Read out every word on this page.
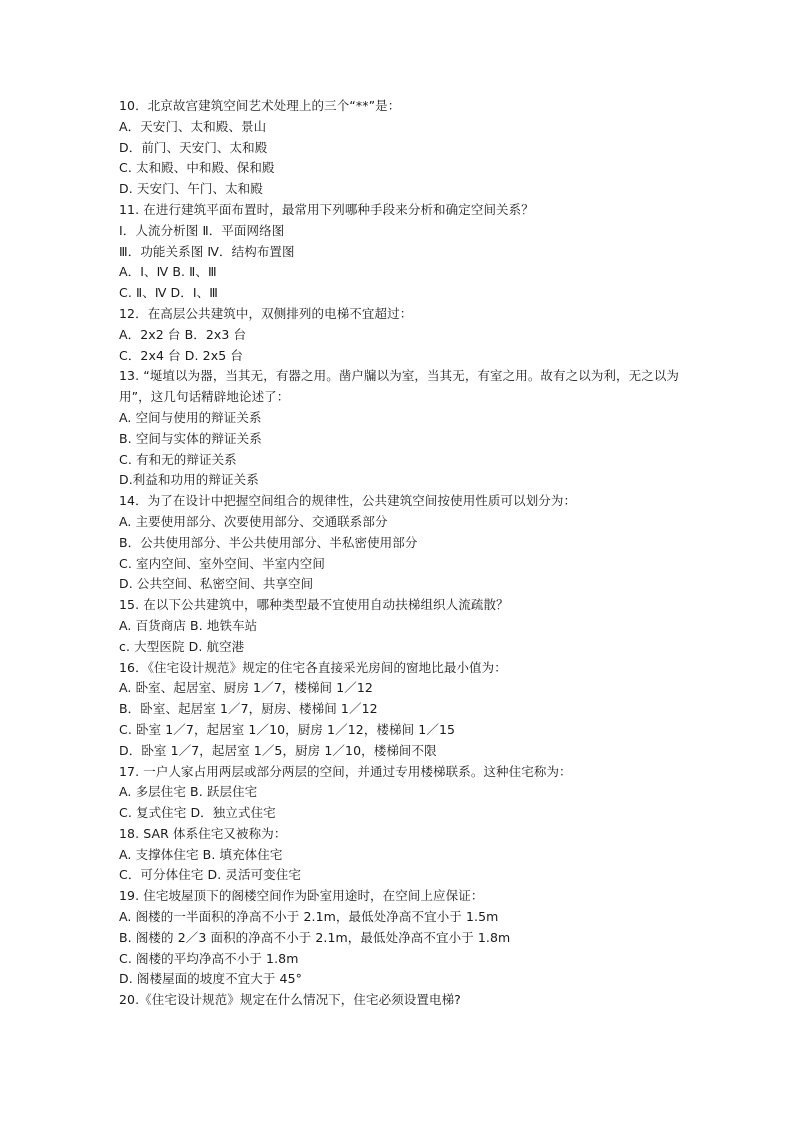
10．北京故宫建筑空间艺术处理上的三个“**”是：
A．天安门、太和殿、景山
D．前门、天安门、太和殿
C. 太和殿、中和殿、保和殿
D. 天安门、午门、太和殿
11. 在进行建筑平面布置时，最常用下列哪种手段来分析和确定空间关系？
Ⅰ．人流分析图 Ⅱ．平面网络图
Ⅲ．功能关系图 Ⅳ．结构布置图
A．Ⅰ、Ⅳ B. Ⅱ、Ⅲ
C. Ⅱ、Ⅳ D．Ⅰ、Ⅲ
12．在高层公共建筑中，双侧排列的电梯不宜超过：
A．2x2 台 B．2x3 台
C．2x4 台 D. 2x5 台
13. “埏埴以为器，当其无，有器之用。凿户牖以为室，当其无，有室之用。故有之以为利，无之以为用”，这几句话精辟地论述了：
A. 空间与使用的辩证关系
B. 空间与实体的辩证关系
C. 有和无的辩证关系
D.利益和功用的辩证关系
14．为了在设计中把握空间组合的规律性，公共建筑空间按使用性质可以划分为：
A. 主要使用部分、次要使用部分、交通联系部分
B．公共使用部分、半公共使用部分、半私密使用部分
C. 室内空间、室外空间、半室内空间
D. 公共空间、私密空间、共享空间
15. 在以下公共建筑中，哪种类型最不宜使用自动扶梯组织人流疏散？
A. 百货商店 B. 地铁车站
c. 大型医院 D. 航空港
16．《住宅设计规范》规定的住宅各直接采光房间的窗地比最小值为：
A. 卧室、起居室、厨房 1／7，楼梯间 1／12
B．卧室、起居室 1／7，厨房、楼梯间 1／12
C. 卧室 1／7，起居室 1／10，厨房 1／12，楼梯间 1／15
D．卧室 1／7，起居室 1／5，厨房 1／10，楼梯间不限
17. 一户人家占用两层或部分两层的空间，并通过专用楼梯联系。这种住宅称为：
A. 多层住宅 B. 跃层住宅
C. 复式住宅 D．独立式住宅
18. SAR 体系住宅又被称为：
A. 支撑体住宅 B. 填充体住宅
C．可分体住宅 D. 灵活可变住宅
19. 住宅坡屋顶下的阁楼空间作为卧室用途时，在空间上应保证：
A. 阁楼的一半面积的净高不小于 2.1m，最低处净高不宜小于 1.5m
B. 阁楼的 2／3 面积的净高不小于 2.1m，最低处净高不宜小于 1.8m
C. 阁楼的平均净高不小于 1.8m
D. 阁楼屋面的坡度不宜大于 45°
20.《住宅设计规范》规定在什么情况下，住宅必须设置电梯?
